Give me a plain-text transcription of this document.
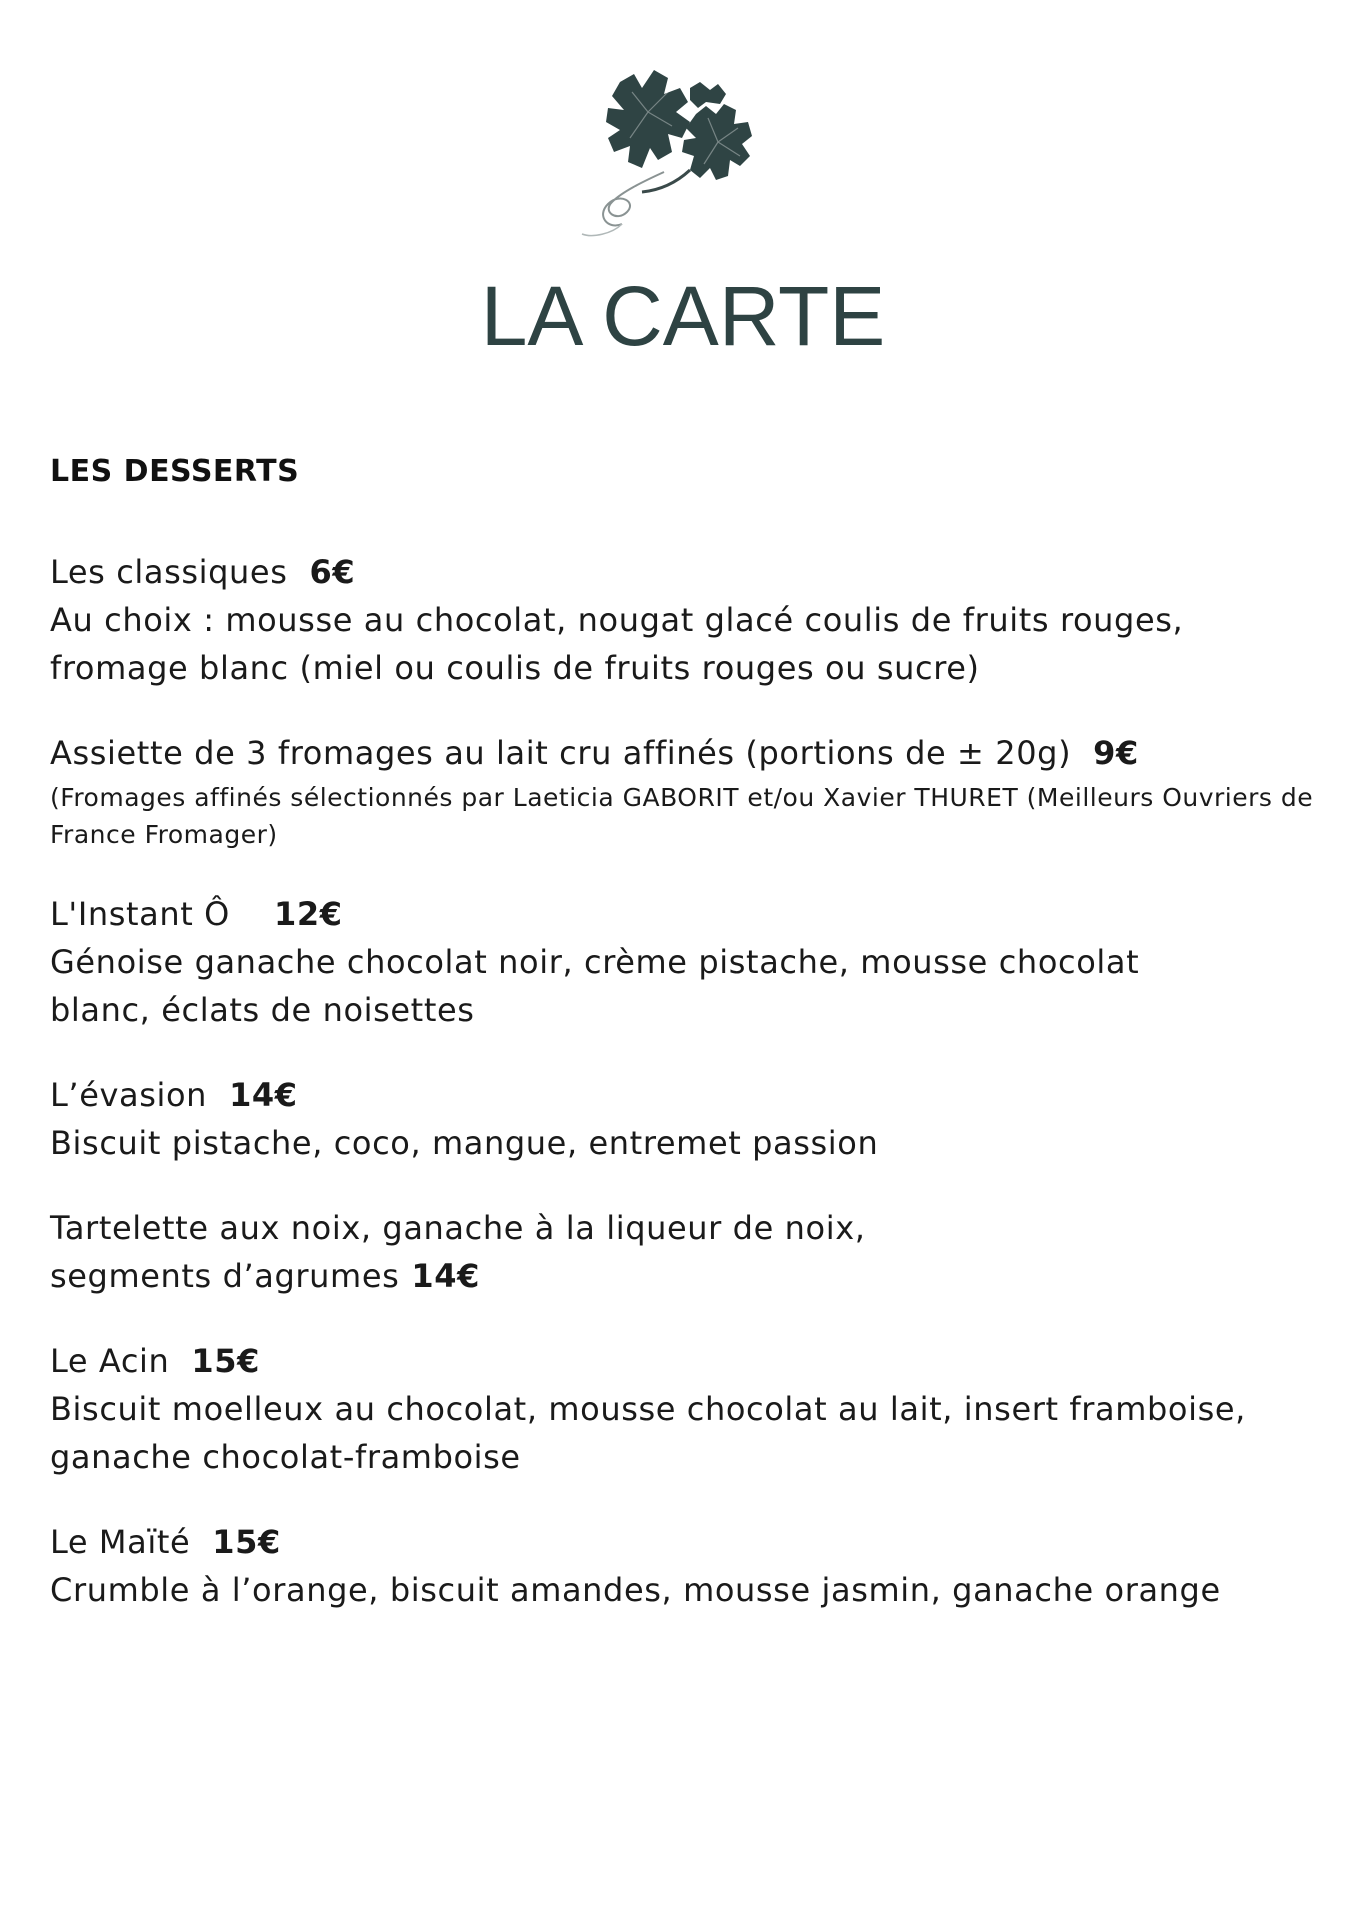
LA CARTE
LES DESSERTS
Les classiques 6€
Au choix : mousse au chocolat, nougat glacé coulis de fruits rouges,
fromage blanc (miel ou coulis de fruits rouges ou sucre)
Assiette de 3 fromages au lait cru affinés (portions de ± 20g) 9€
(Fromages affinés sélectionnés par Laeticia GABORIT et/ou Xavier THURET (Meilleurs Ouvriers de France Fromager)
L'Instant Ô 12€
Génoise ganache chocolat noir, crème pistache, mousse chocolat
blanc, éclats de noisettes
L’évasion 14€
Biscuit pistache, coco, mangue, entremet passion
Tartelette aux noix, ganache à la liqueur de noix,
segments d’agrumes 14€
Le Acin 15€
Biscuit moelleux au chocolat, mousse chocolat au lait, insert framboise,
ganache chocolat-framboise
Le Maïté 15€
Crumble à l’orange, biscuit amandes, mousse jasmin, ganache orange
